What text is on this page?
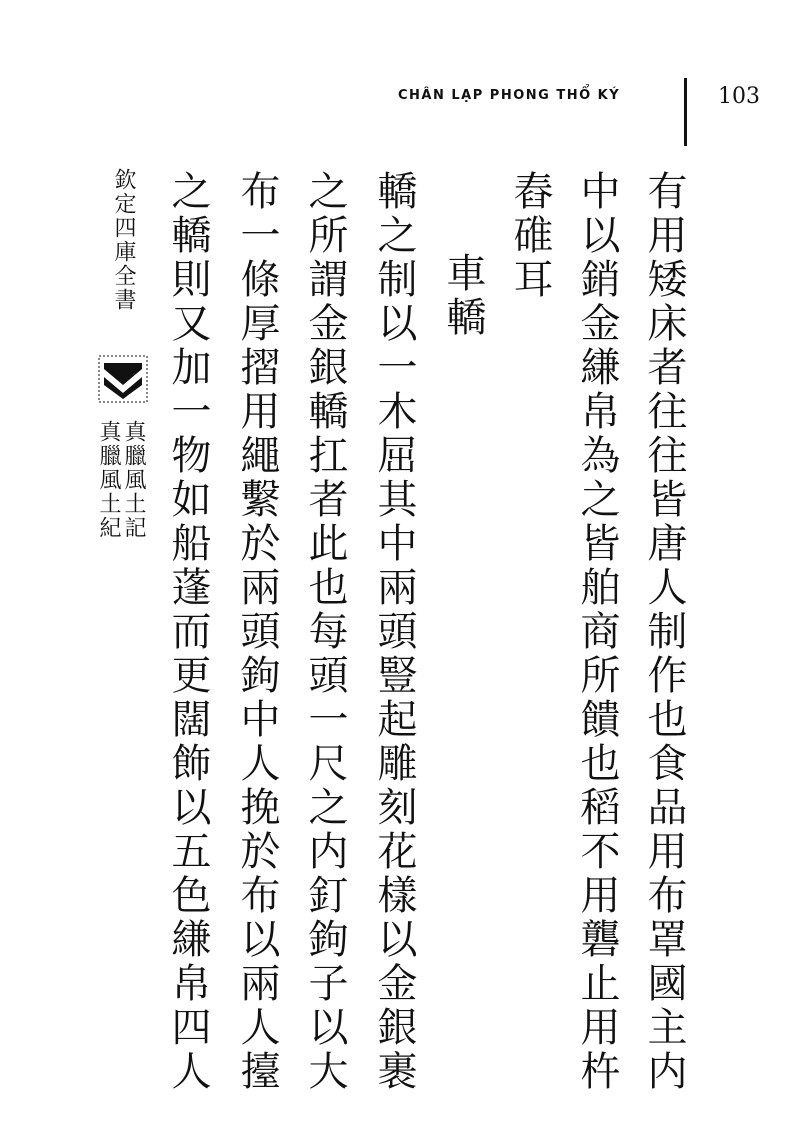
CHÂN LẠP PHONG THỔ KÝ	103
有用矮床者往往皆唐人制作也食品用布罩國主内
中以銷金縑帛為之皆舶商所饋也稻不用礱止用杵
舂碓耳
車轎
轎之制以一木屈其中兩頭豎起雕刻花樣以金銀裹
之所謂金銀轎扛者此也每頭一尺之内釘鉤子以大
布一條厚摺用繩繫於兩頭鉤中人挽於布以兩人擡
之轎則又加一物如船蓬而更闊飾以五色縑帛四人
欽定四庫全書
真臘風土記
真臘風土紀
